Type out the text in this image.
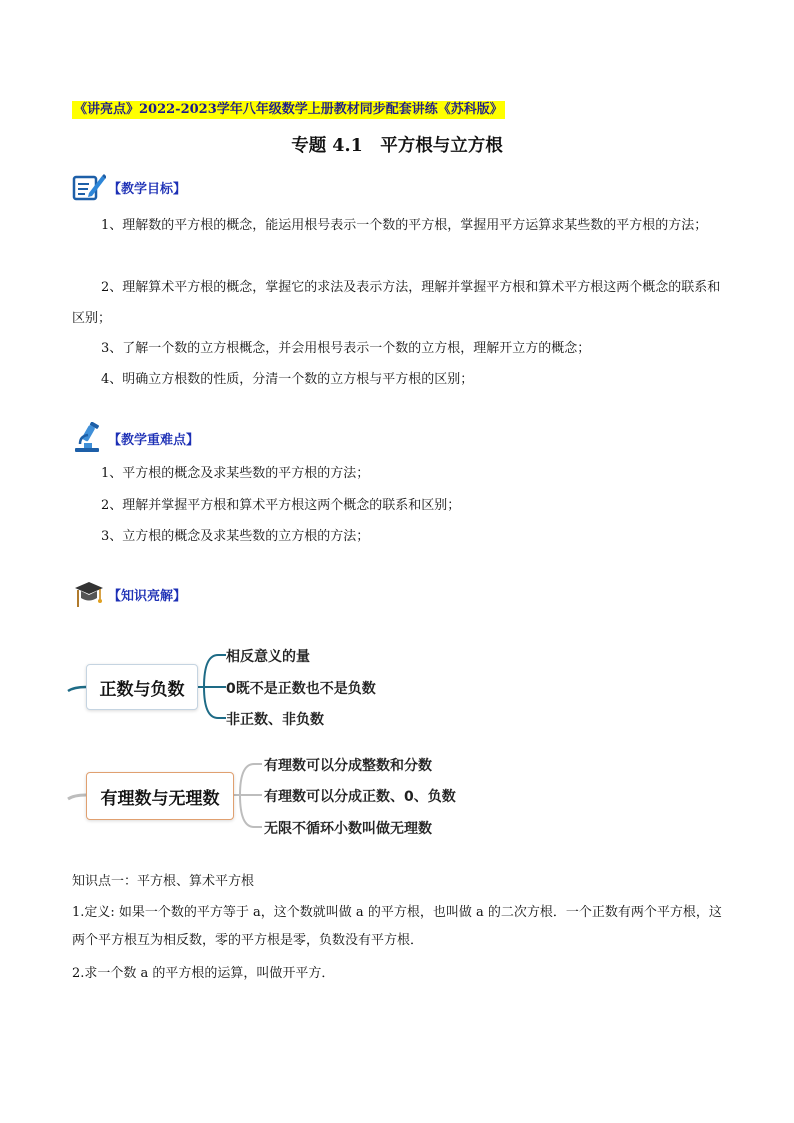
《讲亮点》2022-2023学年八年级数学上册教材同步配套讲练《苏科版》
专题 4.1　平方根与立方根
【教学目标】
1、理解数的平方根的概念，能运用根号表示一个数的平方根，掌握用平方运算求某些数的平方根的方法；
2、理解算术平方根的概念，掌握它的求法及表示方法，理解并掌握平方根和算术平方根这两个概念的联系和区别；
3、了解一个数的立方根概念，并会用根号表示一个数的立方根，理解开立方的概念；
4、明确立方根数的性质，分清一个数的立方根与平方根的区别；
【教学重难点】
1、平方根的概念及求某些数的平方根的方法；
2、理解并掌握平方根和算术平方根这两个概念的联系和区别；
3、立方根的概念及求某些数的立方根的方法；
【知识亮解】
正数与负数
相反意义的量
0既不是正数也不是负数
非正数、非负数
有理数与无理数
有理数可以分成整数和分数
有理数可以分成正数、0、负数
无限不循环小数叫做无理数
知识点一：平方根、算术平方根
1.定义: 如果一个数的平方等于 a，这个数就叫做 a 的平方根，也叫做 a 的二次方根．一个正数有两个平方根，这两个平方根互为相反数，零的平方根是零，负数没有平方根．
2.求一个数 a 的平方根的运算，叫做开平方．
